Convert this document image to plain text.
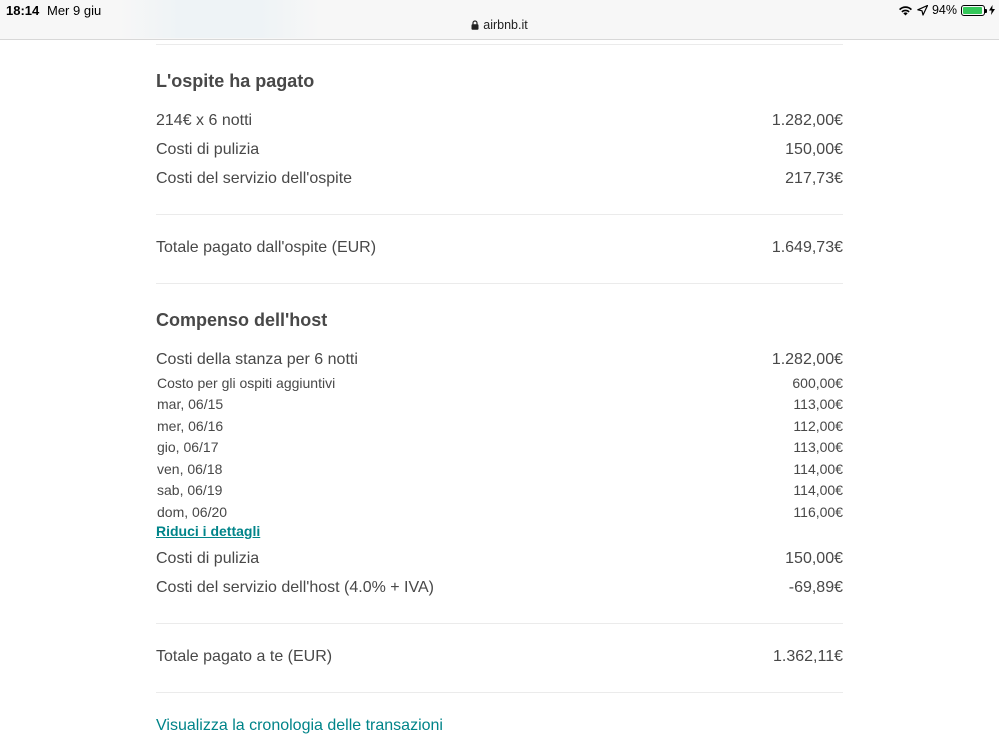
18:14 Mer 9 giu	94%
airbnb.it
L'ospite ha pagato
214€ x 6 notti	1.282,00€
Costi di pulizia	150,00€
Costi del servizio dell'ospite	217,73€
Totale pagato dall'ospite (EUR)	1.649,73€
Compenso dell'host
Costi della stanza per 6 notti	1.282,00€
Costo per gli ospiti aggiuntivi	600,00€
mar, 06/15	113,00€
mer, 06/16	112,00€
gio, 06/17	113,00€
ven, 06/18	114,00€
sab, 06/19	114,00€
dom, 06/20	116,00€
Riduci i dettagli
Costi di pulizia	150,00€
Costi del servizio dell'host (4.0% + IVA)	-69,89€
Totale pagato a te (EUR)	1.362,11€
Visualizza la cronologia delle transazioni
